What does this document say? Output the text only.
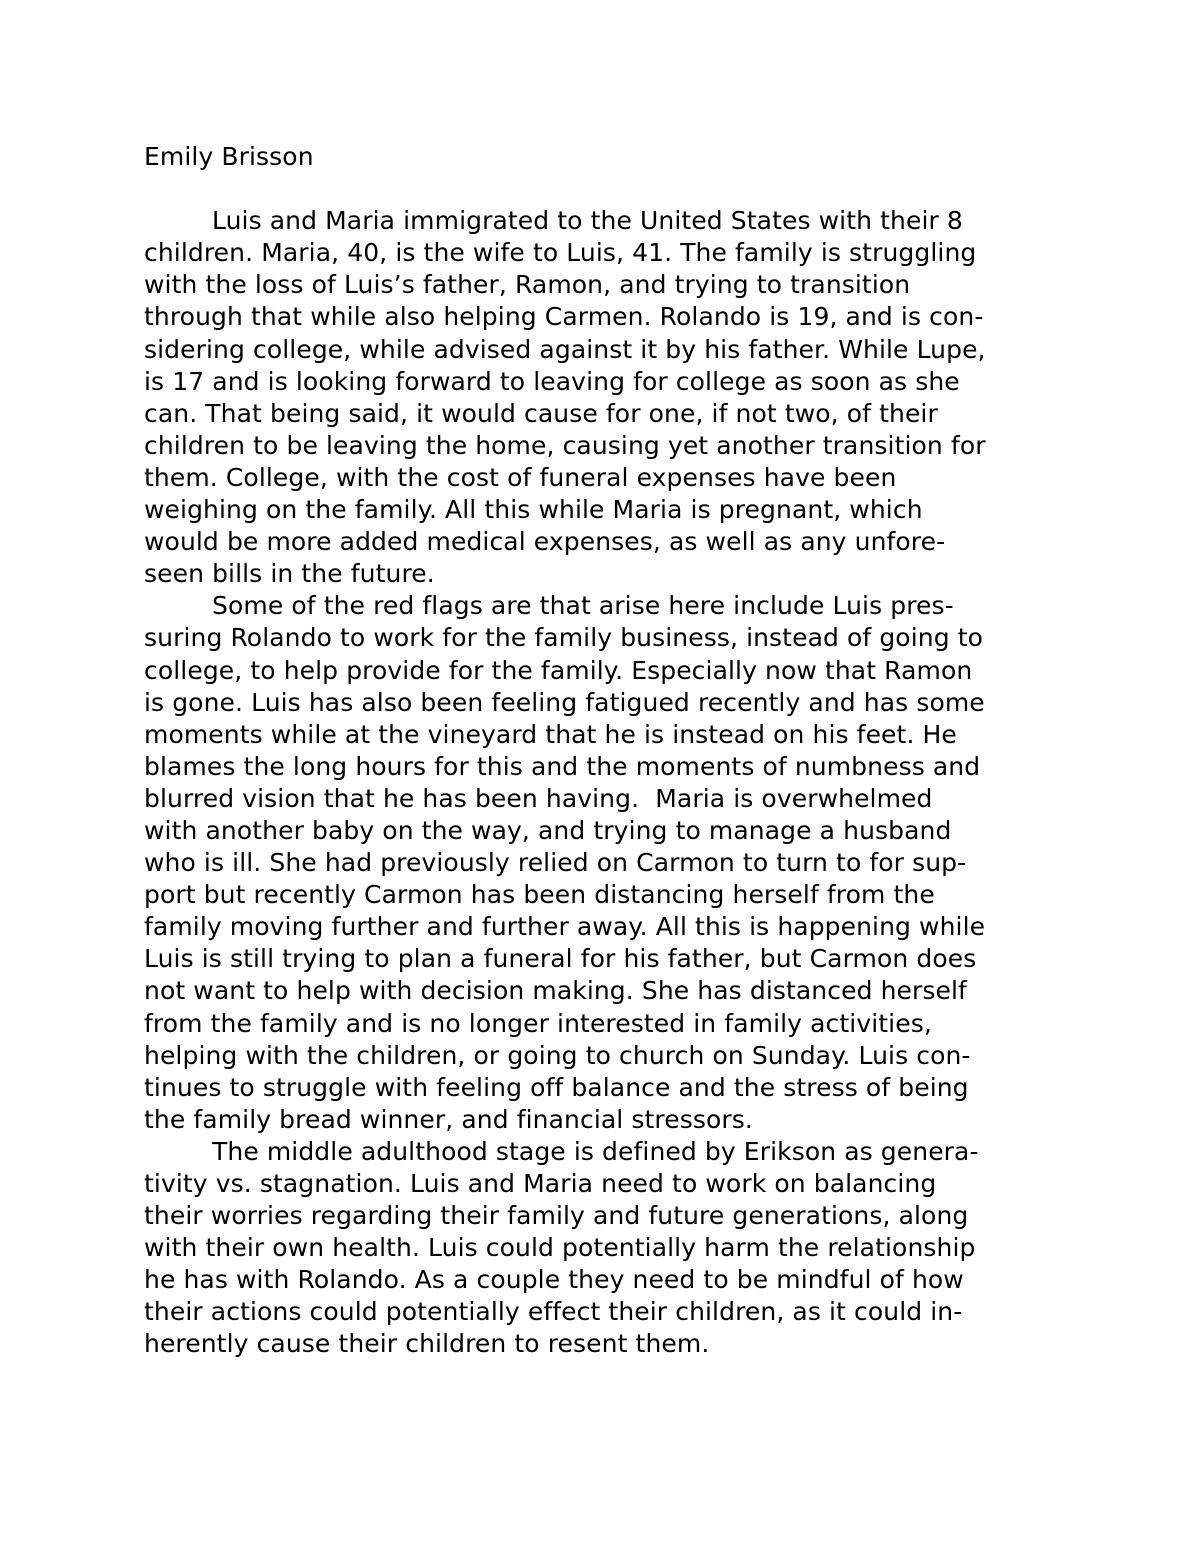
Emily Brisson
Luis and Maria immigrated to the United States with their 8
children. Maria, 40, is the wife to Luis, 41. The family is struggling
with the loss of Luis’s father, Ramon, and trying to transition
through that while also helping Carmen. Rolando is 19, and is con-
sidering college, while advised against it by his father. While Lupe,
is 17 and is looking forward to leaving for college as soon as she
can. That being said, it would cause for one, if not two, of their
children to be leaving the home, causing yet another transition for
them. College, with the cost of funeral expenses have been
weighing on the family. All this while Maria is pregnant, which
would be more added medical expenses, as well as any unfore-
seen bills in the future.
Some of the red flags are that arise here include Luis pres-
suring Rolando to work for the family business, instead of going to
college, to help provide for the family. Especially now that Ramon
is gone. Luis has also been feeling fatigued recently and has some
moments while at the vineyard that he is instead on his feet. He
blames the long hours for this and the moments of numbness and
blurred vision that he has been having.  Maria is overwhelmed
with another baby on the way, and trying to manage a husband
who is ill. She had previously relied on Carmon to turn to for sup-
port but recently Carmon has been distancing herself from the
family moving further and further away. All this is happening while
Luis is still trying to plan a funeral for his father, but Carmon does
not want to help with decision making. She has distanced herself
from the family and is no longer interested in family activities,
helping with the children, or going to church on Sunday. Luis con-
tinues to struggle with feeling off balance and the stress of being
the family bread winner, and financial stressors.
The middle adulthood stage is defined by Erikson as genera-
tivity vs. stagnation. Luis and Maria need to work on balancing
their worries regarding their family and future generations, along
with their own health. Luis could potentially harm the relationship
he has with Rolando. As a couple they need to be mindful of how
their actions could potentially effect their children, as it could in-
herently cause their children to resent them.
